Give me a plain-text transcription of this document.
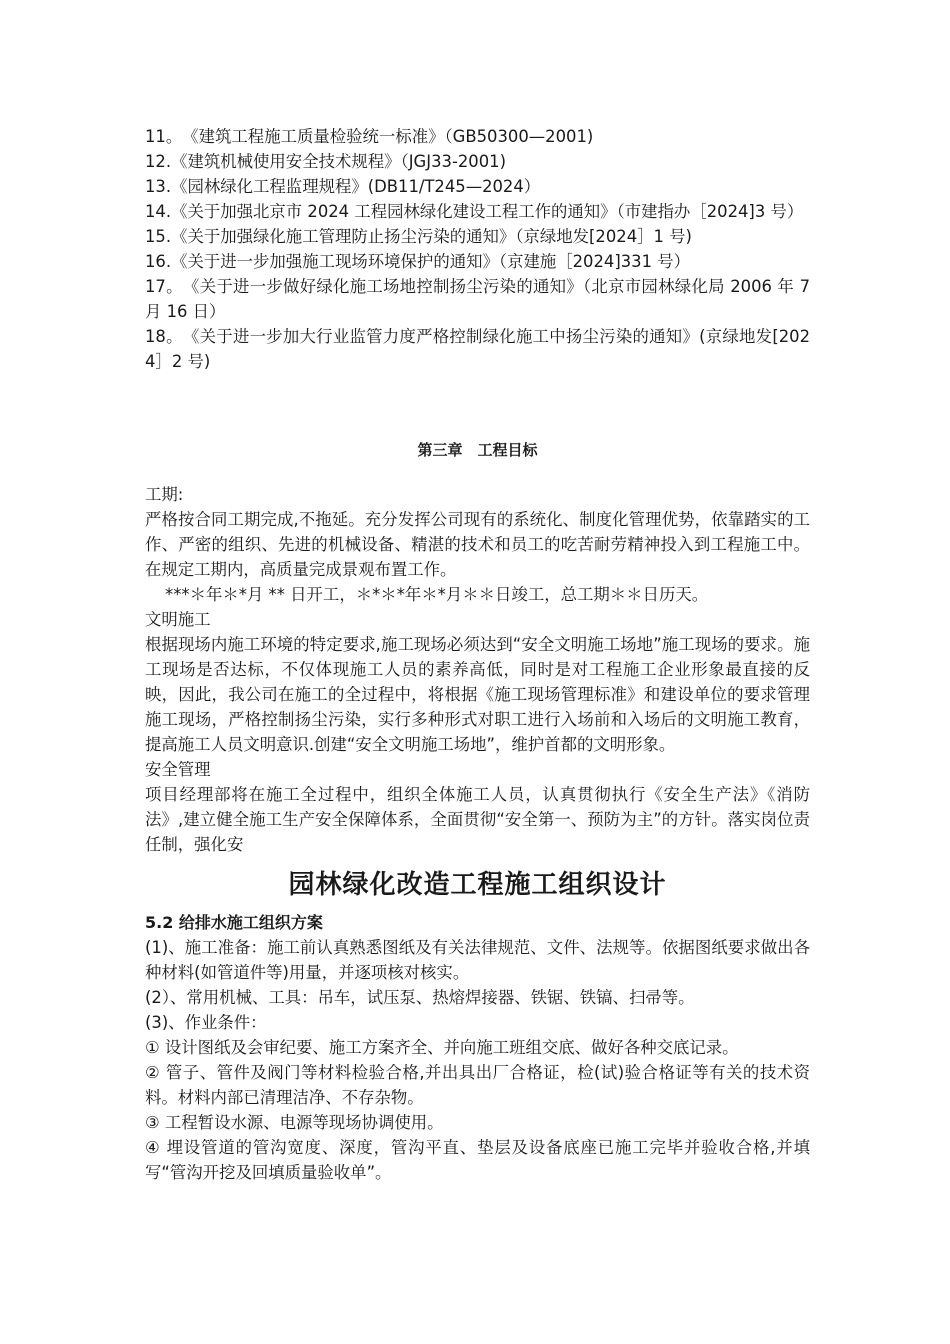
11。　《建筑工程施工质量检验统一标准》（GB50300—2001)

12.《建筑机械使用安全技术规程》（JGJ33-2001)

13.《园林绿化工程监理规程》(DB11/T245—2024）

14.《关于加强北京市 2024 工程园林绿化建设工程工作的通知》（市建指办［2024]3 号）

15.《关于加强绿化施工管理防止扬尘污染的通知》（京绿地发[2024］1 号)

16.《关于进一步加强施工现场环境保护的通知》（京建施［2024]331 号）

17。　《关于进一步做好绿化施工场地控制扬尘污染的通知》（北京市园林绿化局 2006 年 7 月 16 日）

18。　《关于进一步加大行业监管力度严格控制绿化施工中扬尘污染的通知》(京绿地发[2024］2 号)

第三章　工程目标

工期:

严格按合同工期完成,不拖延。充分发挥公司现有的系统化、制度化管理优势，依靠踏实的工作、严密的组织、先进的机械设备、精湛的技术和员工的吃苦耐劳精神投入到工程施工中。在规定工期内，高质量完成景观布置工作。

***＊年＊*月 ** 日开工，＊*＊*年＊*月＊＊日竣工，总工期＊＊日历天。

文明施工

根据现场内施工环境的特定要求,施工现场必须达到“安全文明施工场地”施工现场的要求。施工现场是否达标，不仅体现施工人员的素养高低，同时是对工程施工企业形象最直接的反映，因此，我公司在施工的全过程中，将根据《施工现场管理标准》和建设单位的要求管理施工现场，严格控制扬尘污染，实行多种形式对职工进行入场前和入场后的文明施工教育，提高施工人员文明意识.创建“安全文明施工场地”，维护首都的文明形象。

安全管理

项目经理部将在施工全过程中，组织全体施工人员，认真贯彻执行《安全生产法》《消防法》,建立健全施工生产安全保障体系，全面贯彻“安全第一、预防为主”的方针。落实岗位责任制，强化安

园林绿化改造工程施工组织设计

5.2 给排水施工组织方案

(1)、施工准备：施工前认真熟悉图纸及有关法律规范、文件、法规等。依据图纸要求做出各种材料(如管道件等)用量，并逐项核对核实。

(2）、常用机械、工具：吊车，试压泵、热熔焊接器、铁锯、铁镐、扫帚等。

(3)、作业条件：

① 设计图纸及会审纪要、施工方案齐全、并向施工班组交底、做好各种交底记录。

② 管子、管件及阀门等材料检验合格,并出具出厂合格证，检(试)验合格证等有关的技术资料。材料内部已清理洁净、不存杂物。

③ 工程暂设水源、电源等现场协调使用。

④ 埋设管道的管沟宽度、深度，管沟平直、垫层及设备底座已施工完毕并验收合格,并填写“管沟开挖及回填质量验收单”。
